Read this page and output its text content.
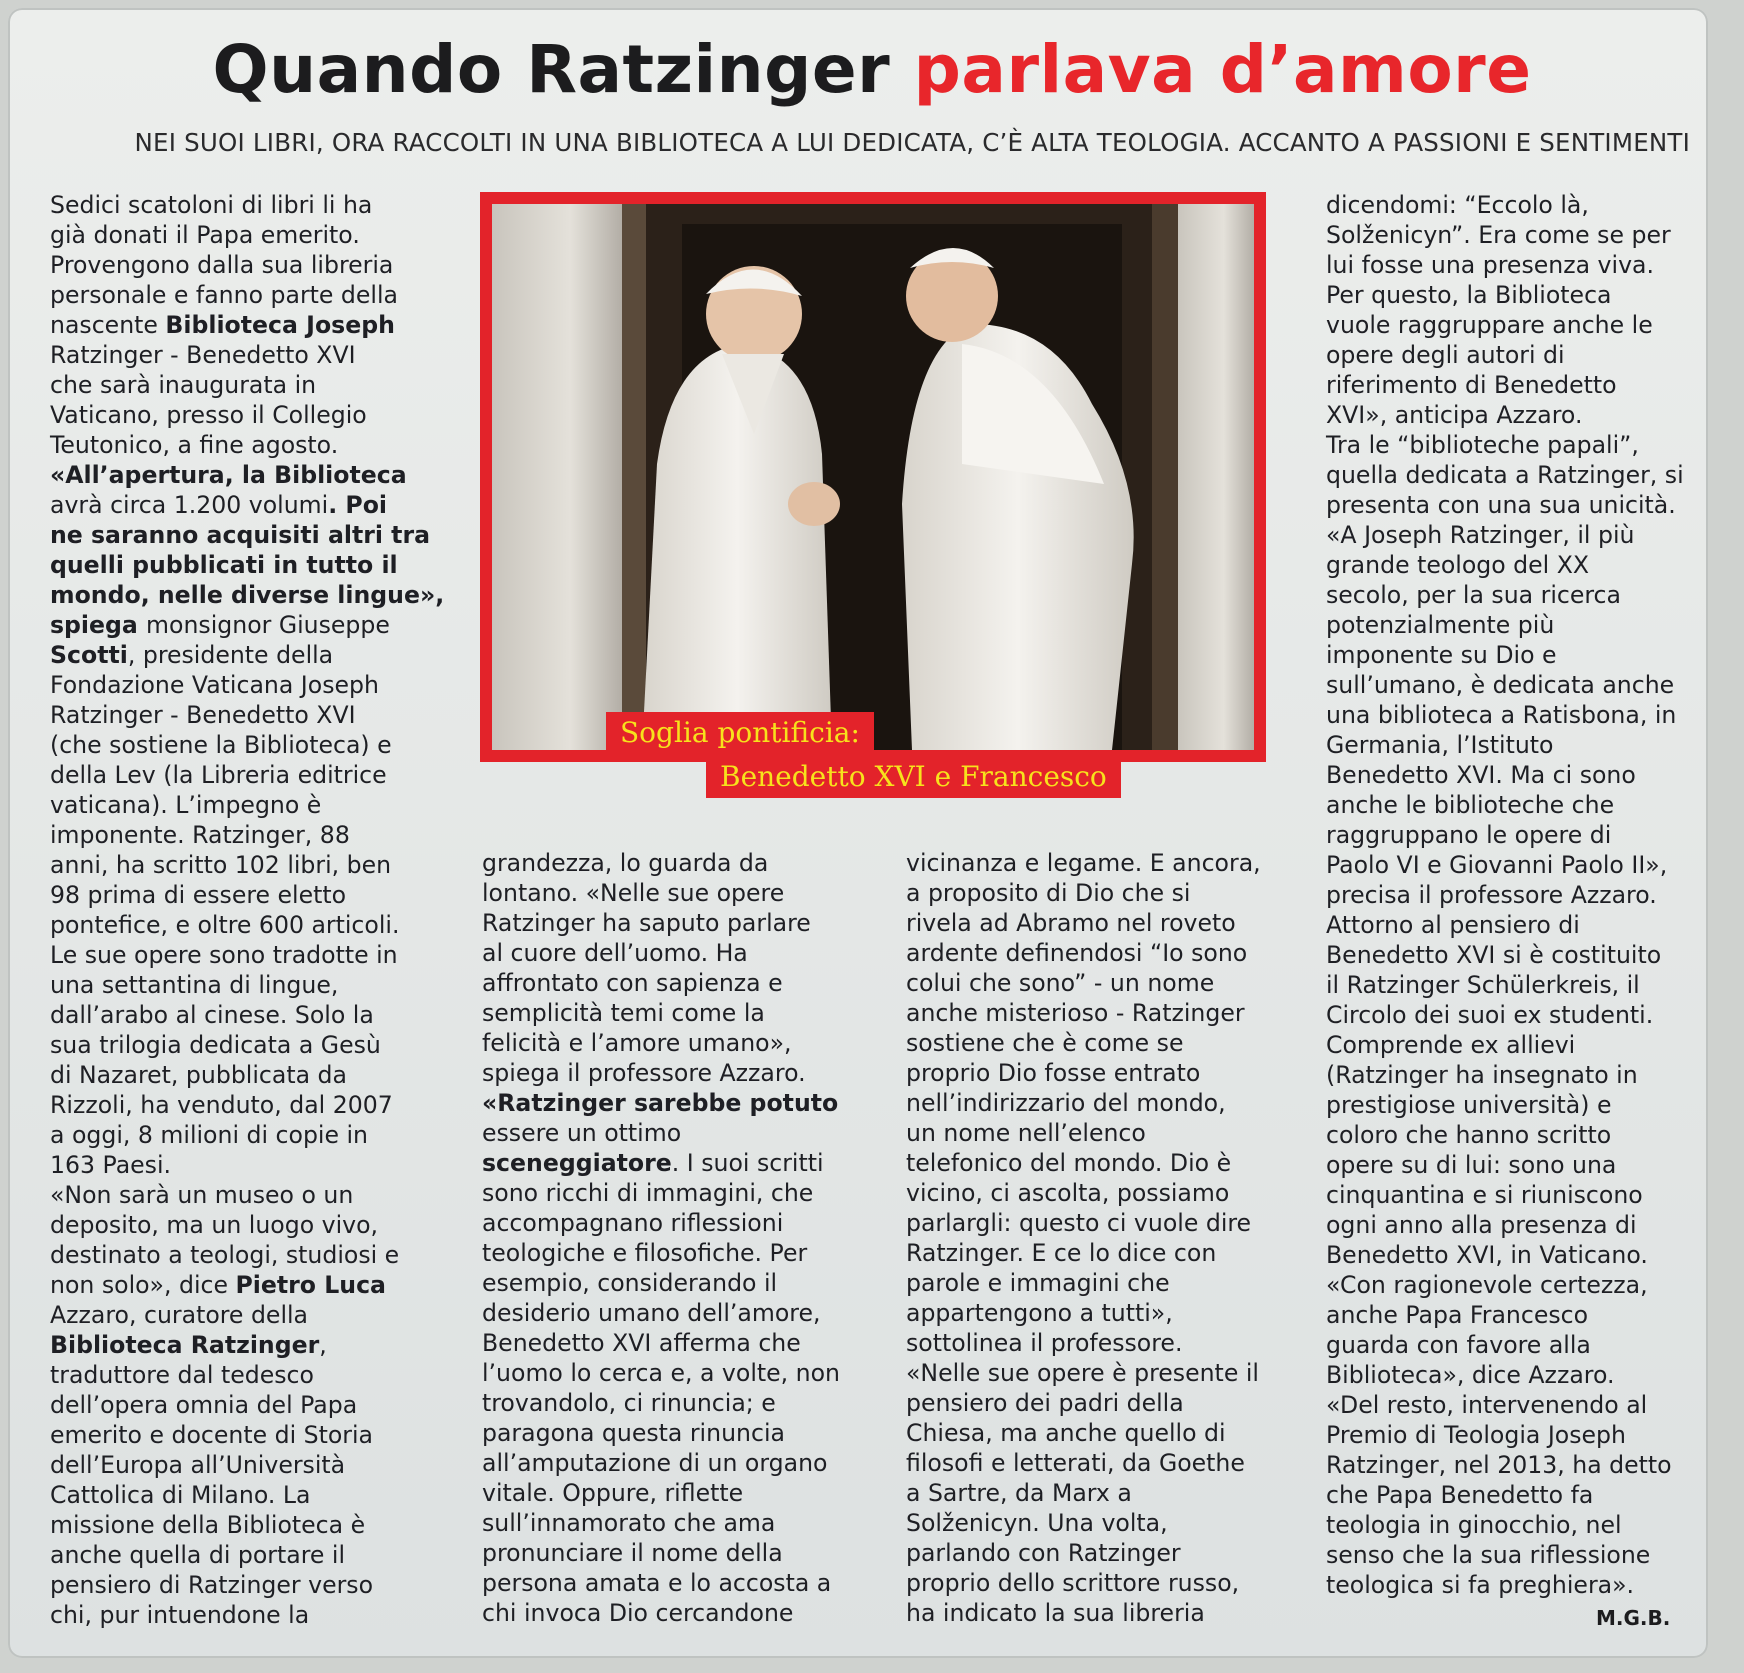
Quando Ratzinger parlava d’amore
NEI SUOI LIBRI, ORA RACCOLTI IN UNA BIBLIOTECA A LUI DEDICATA, C’È ALTA TEOLOGIA. ACCANTO A PASSIONI E SENTIMENTI

Sedici scatoloni di libri li ha

già donati il Papa emerito.

Provengono dalla sua libreria

personale e fanno parte della

nascente Biblioteca Joseph

Ratzinger - Benedetto XVI

che sarà inaugurata in

Vaticano, presso il Collegio

Teutonico, a fine agosto.

«All’apertura, la Biblioteca

avrà circa 1.200 volumi. Poi

ne saranno acquisiti altri tra

quelli pubblicati in tutto il

mondo, nelle diverse lingue»,

spiega monsignor Giuseppe

Scotti, presidente della

Fondazione Vaticana Joseph

Ratzinger - Benedetto XVI

(che sostiene la Biblioteca) e

della Lev (la Libreria editrice

vaticana). L’impegno è

imponente. Ratzinger, 88

anni, ha scritto 102 libri, ben

98 prima di essere eletto

pontefice, e oltre 600 articoli.

Le sue opere sono tradotte in

una settantina di lingue,

dall’arabo al cinese. Solo la

sua trilogia dedicata a Gesù

di Nazaret, pubblicata da

Rizzoli, ha venduto, dal 2007

a oggi, 8 milioni di copie in

163 Paesi.

«Non sarà un museo o un

deposito, ma un luogo vivo,

destinato a teologi, studiosi e

non solo», dice Pietro Luca

Azzaro, curatore della

Biblioteca Ratzinger,

traduttore dal tedesco

dell’opera omnia del Papa

emerito e docente di Storia

dell’Europa all’Università

Cattolica di Milano. La

missione della Biblioteca è

anche quella di portare il

pensiero di Ratzinger verso

chi, pur intuendone la

grandezza, lo guarda da

lontano. «Nelle sue opere

Ratzinger ha saputo parlare

al cuore dell’uomo. Ha

affrontato con sapienza e

semplicità temi come la

felicità e l’amore umano»,

spiega il professore Azzaro.

«Ratzinger sarebbe potuto

essere un ottimo

sceneggiatore. I suoi scritti

sono ricchi di immagini, che

accompagnano riflessioni

teologiche e filosofiche. Per

esempio, considerando il

desiderio umano dell’amore,

Benedetto XVI afferma che

l’uomo lo cerca e, a volte, non

trovandolo, ci rinuncia; e

paragona questa rinuncia

all’amputazione di un organo

vitale. Oppure, riflette

sull’innamorato che ama

pronunciare il nome della

persona amata e lo accosta a

chi invoca Dio cercandone

vicinanza e legame. E ancora,

a proposito di Dio che si

rivela ad Abramo nel roveto

ardente definendosi “Io sono

colui che sono” - un nome

anche misterioso - Ratzinger

sostiene che è come se

proprio Dio fosse entrato

nell’indirizzario del mondo,

un nome nell’elenco

telefonico del mondo. Dio è

vicino, ci ascolta, possiamo

parlargli: questo ci vuole dire

Ratzinger. E ce lo dice con

parole e immagini che

appartengono a tutti»,

sottolinea il professore.

«Nelle sue opere è presente il

pensiero dei padri della

Chiesa, ma anche quello di

filosofi e letterati, da Goethe

a Sartre, da Marx a

Solženicyn. Una volta,

parlando con Ratzinger

proprio dello scrittore russo,

ha indicato la sua libreria

dicendomi: “Eccolo là,

Solženicyn”. Era come se per

lui fosse una presenza viva.

Per questo, la Biblioteca

vuole raggruppare anche le

opere degli autori di

riferimento di Benedetto

XVI», anticipa Azzaro.

Tra le “biblioteche papali”,

quella dedicata a Ratzinger, si

presenta con una sua unicità.

«A Joseph Ratzinger, il più

grande teologo del XX

secolo, per la sua ricerca

potenzialmente più

imponente su Dio e

sull’umano, è dedicata anche

una biblioteca a Ratisbona, in

Germania, l’Istituto

Benedetto XVI. Ma ci sono

anche le biblioteche che

raggruppano le opere di

Paolo VI e Giovanni Paolo II»,

precisa il professore Azzaro.

Attorno al pensiero di

Benedetto XVI si è costituito

il Ratzinger Schülerkreis, il

Circolo dei suoi ex studenti.

Comprende ex allievi

(Ratzinger ha insegnato in

prestigiose università) e

coloro che hanno scritto

opere su di lui: sono una

cinquantina e si riuniscono

ogni anno alla presenza di

Benedetto XVI, in Vaticano.

«Con ragionevole certezza,

anche Papa Francesco

guarda con favore alla

Biblioteca», dice Azzaro.

«Del resto, intervenendo al

Premio di Teologia Joseph

Ratzinger, nel 2013, ha detto

che Papa Benedetto fa

teologia in ginocchio, nel

senso che la sua riflessione

teologica si fa preghiera».

Soglia pontificia:
Benedetto XVI e Francesco
M.G.B.
